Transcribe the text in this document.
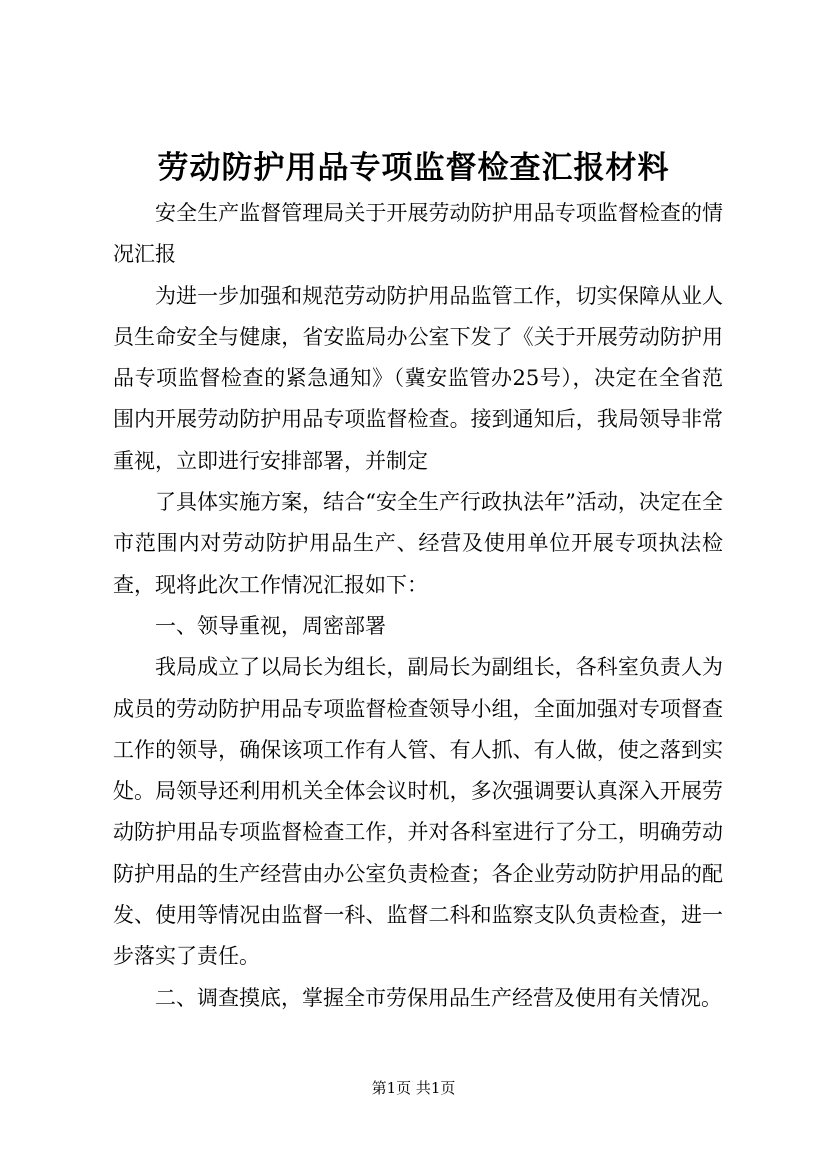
劳动防护用品专项监督检查汇报材料

安全生产监督管理局关于开展劳动防护用品专项监督检查的情况汇报

为进一步加强和规范劳动防护用品监管工作，切实保障从业人员生命安全与健康，省安监局办公室下发了《关于开展劳动防护用品专项监督检查的紧急通知》（冀安监管办25号），决定在全省范围内开展劳动防护用品专项监督检查。接到通知后，我局领导非常重视，立即进行安排部署，并制定

了具体实施方案，结合“安全生产行政执法年”活动，决定在全市范围内对劳动防护用品生产、经营及使用单位开展专项执法检查，现将此次工作情况汇报如下：

一、领导重视，周密部署

我局成立了以局长为组长，副局长为副组长，各科室负责人为成员的劳动防护用品专项监督检查领导小组，全面加强对专项督查工作的领导，确保该项工作有人管、有人抓、有人做，使之落到实处。局领导还利用机关全体会议时机，多次强调要认真深入开展劳动防护用品专项监督检查工作，并对各科室进行了分工，明确劳动防护用品的生产经营由办公室负责检查；各企业劳动防护用品的配发、使用等情况由监督一科、监督二科和监察支队负责检查，进一步落实了责任。

二、调查摸底，掌握全市劳保用品生产经营及使用有关情况。

第1页 共1页
